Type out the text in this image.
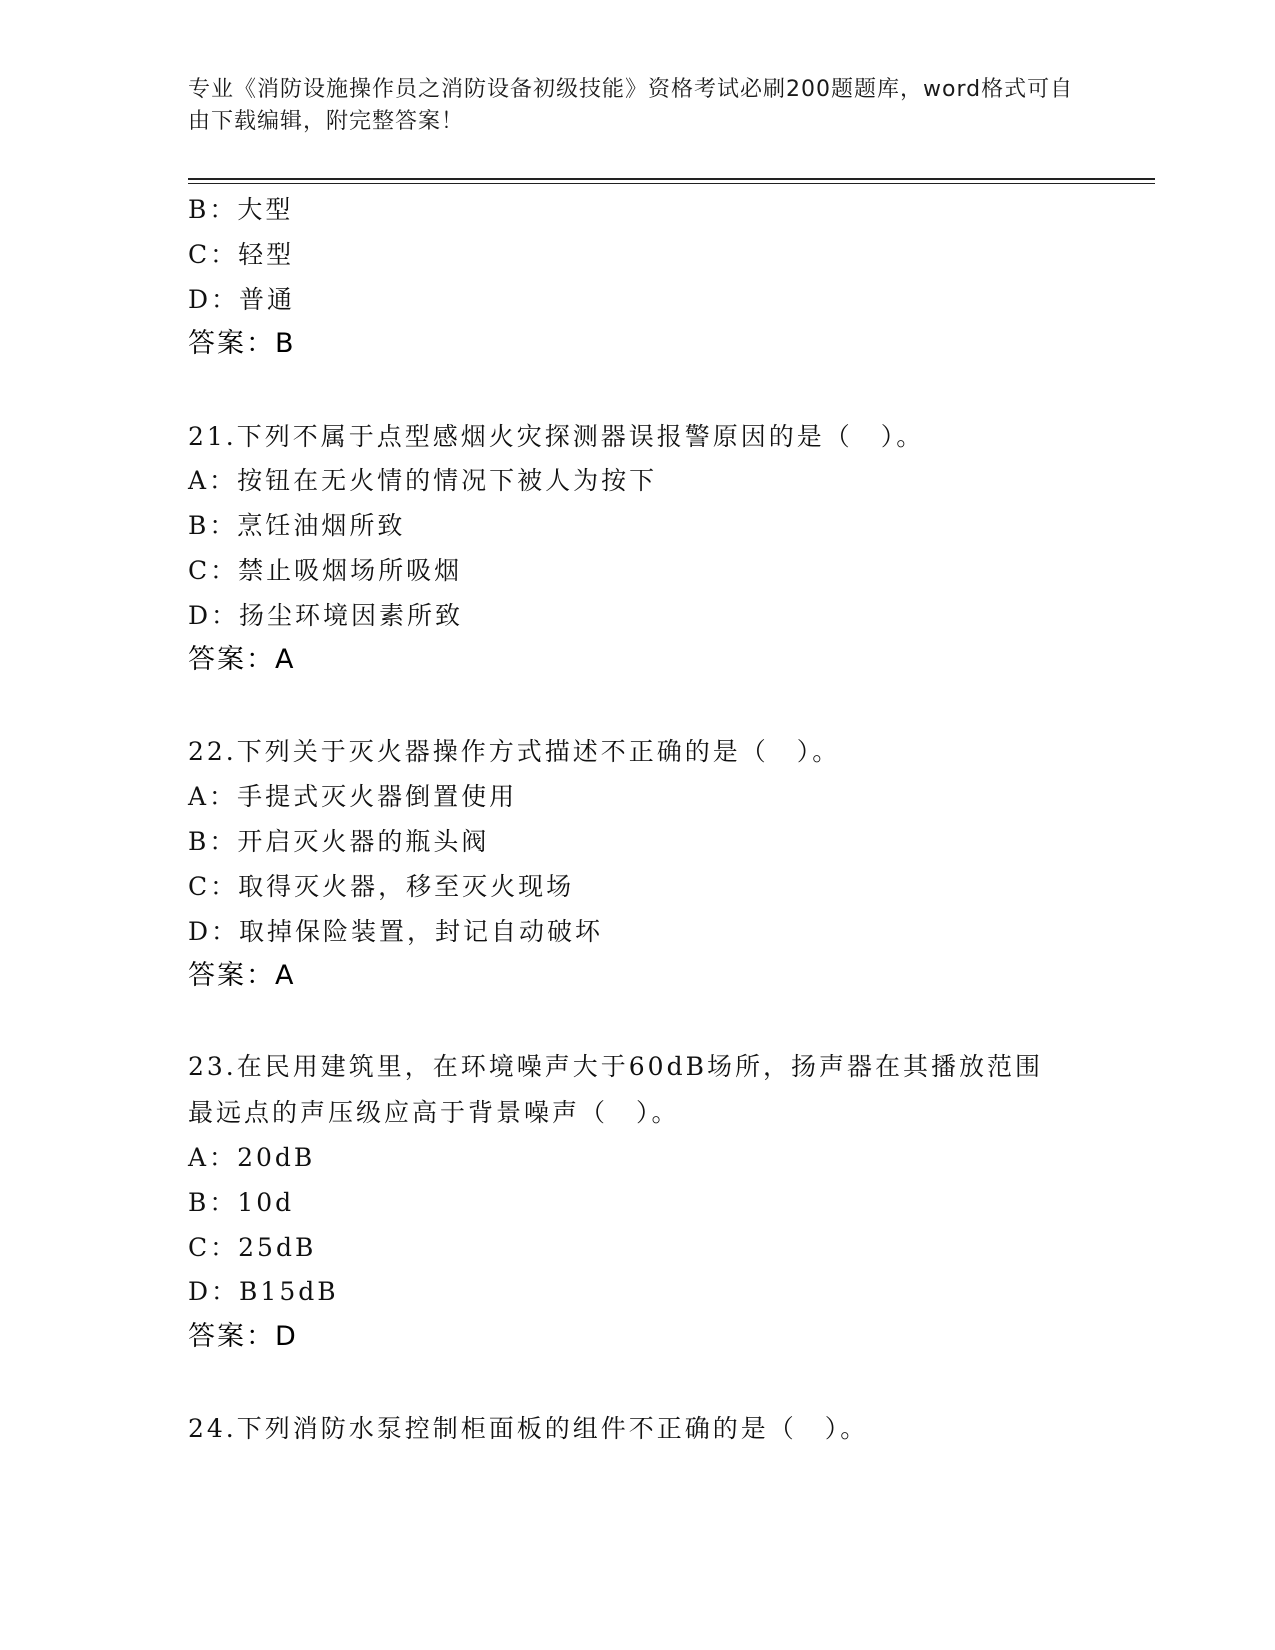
专业《消防设施操作员之消防设备初级技能》资格考试必刷200题题库，word格式可自由下载编辑，附完整答案！
B：大型
C：轻型
D：普通
答案：B
21.下列不属于点型感烟火灾探测器误报警原因的是（　）。
A：按钮在无火情的情况下被人为按下
B：烹饪油烟所致
C：禁止吸烟场所吸烟
D：扬尘环境因素所致
答案：A
22.下列关于灭火器操作方式描述不正确的是（　）。
A：手提式灭火器倒置使用
B：开启灭火器的瓶头阀
C：取得灭火器，移至灭火现场
D：取掉保险装置，封记自动破坏
答案：A
23.在民用建筑里，在环境噪声大于60dB场所，扬声器在其播放范围
最远点的声压级应高于背景噪声（　）。
A：20dB
B：10d
C：25dB
D：B15dB
答案：D
24.下列消防水泵控制柜面板的组件不正确的是（　）。
